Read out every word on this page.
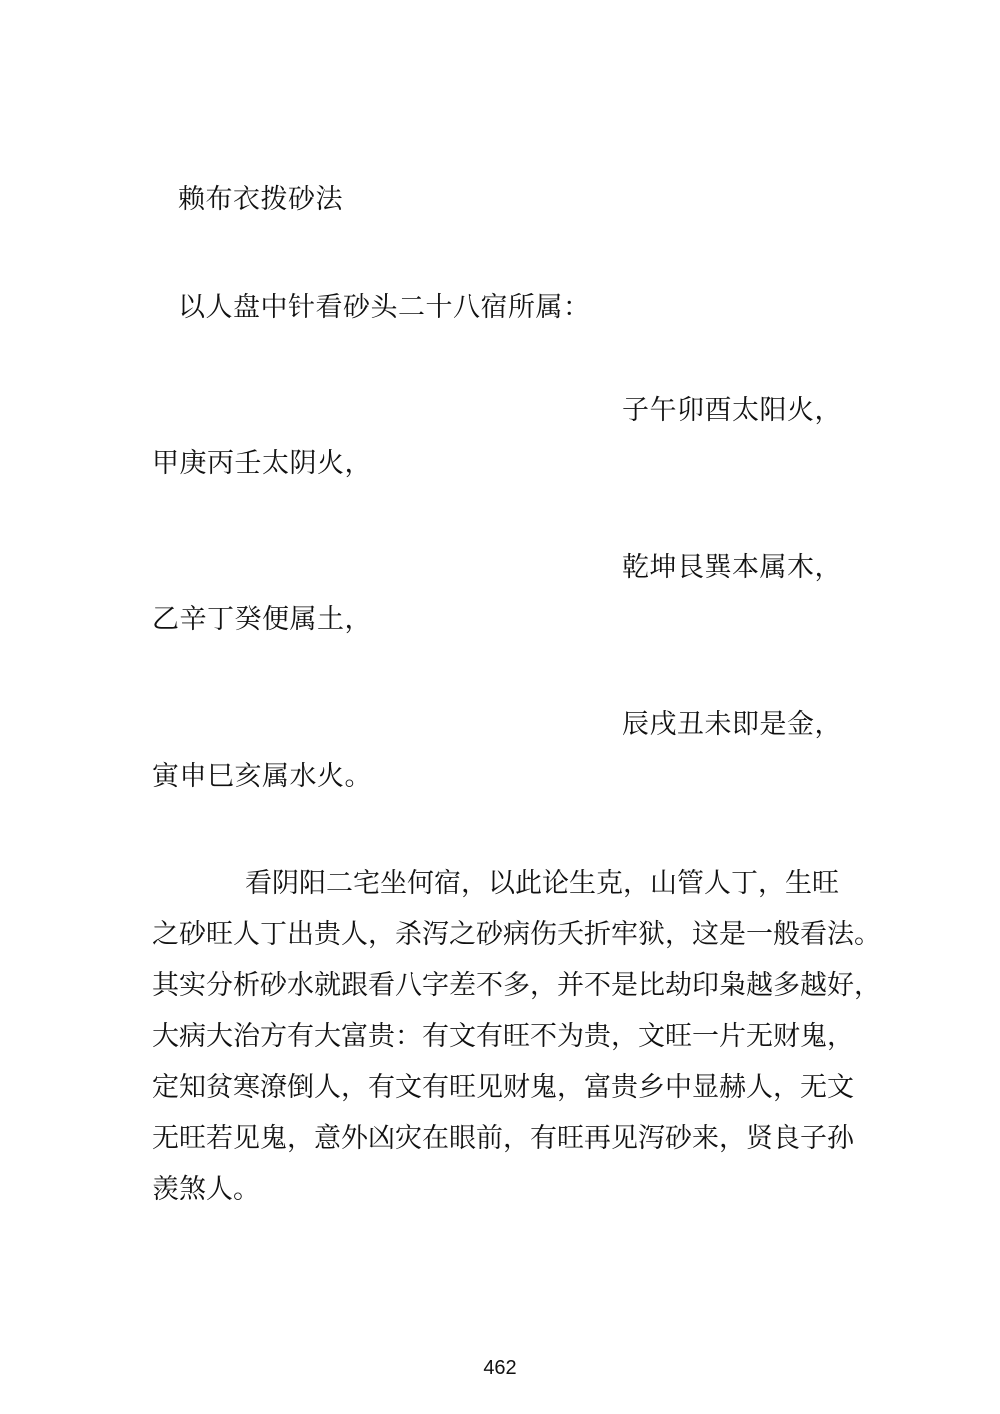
赖布衣拨砂法
以人盘中针看砂头二十八宿所属：
子午卯酉太阳火，
甲庚丙壬太阴火，
乾坤艮巽本属木，
乙辛丁癸便属土，
辰戌丑未即是金，
寅申巳亥属水火。
看阴阳二宅坐何宿，以此论生克，山管人丁，生旺
之砂旺人丁出贵人，杀泻之砂病伤夭折牢狱，这是一般看法。
其实分析砂水就跟看八字差不多，并不是比劫印枭越多越好，
大病大治方有大富贵：有文有旺不为贵，文旺一片无财鬼，
定知贫寒潦倒人，有文有旺见财鬼，富贵乡中显赫人，无文
无旺若见鬼，意外凶灾在眼前，有旺再见泻砂来，贤良子孙
羡煞人。
462
